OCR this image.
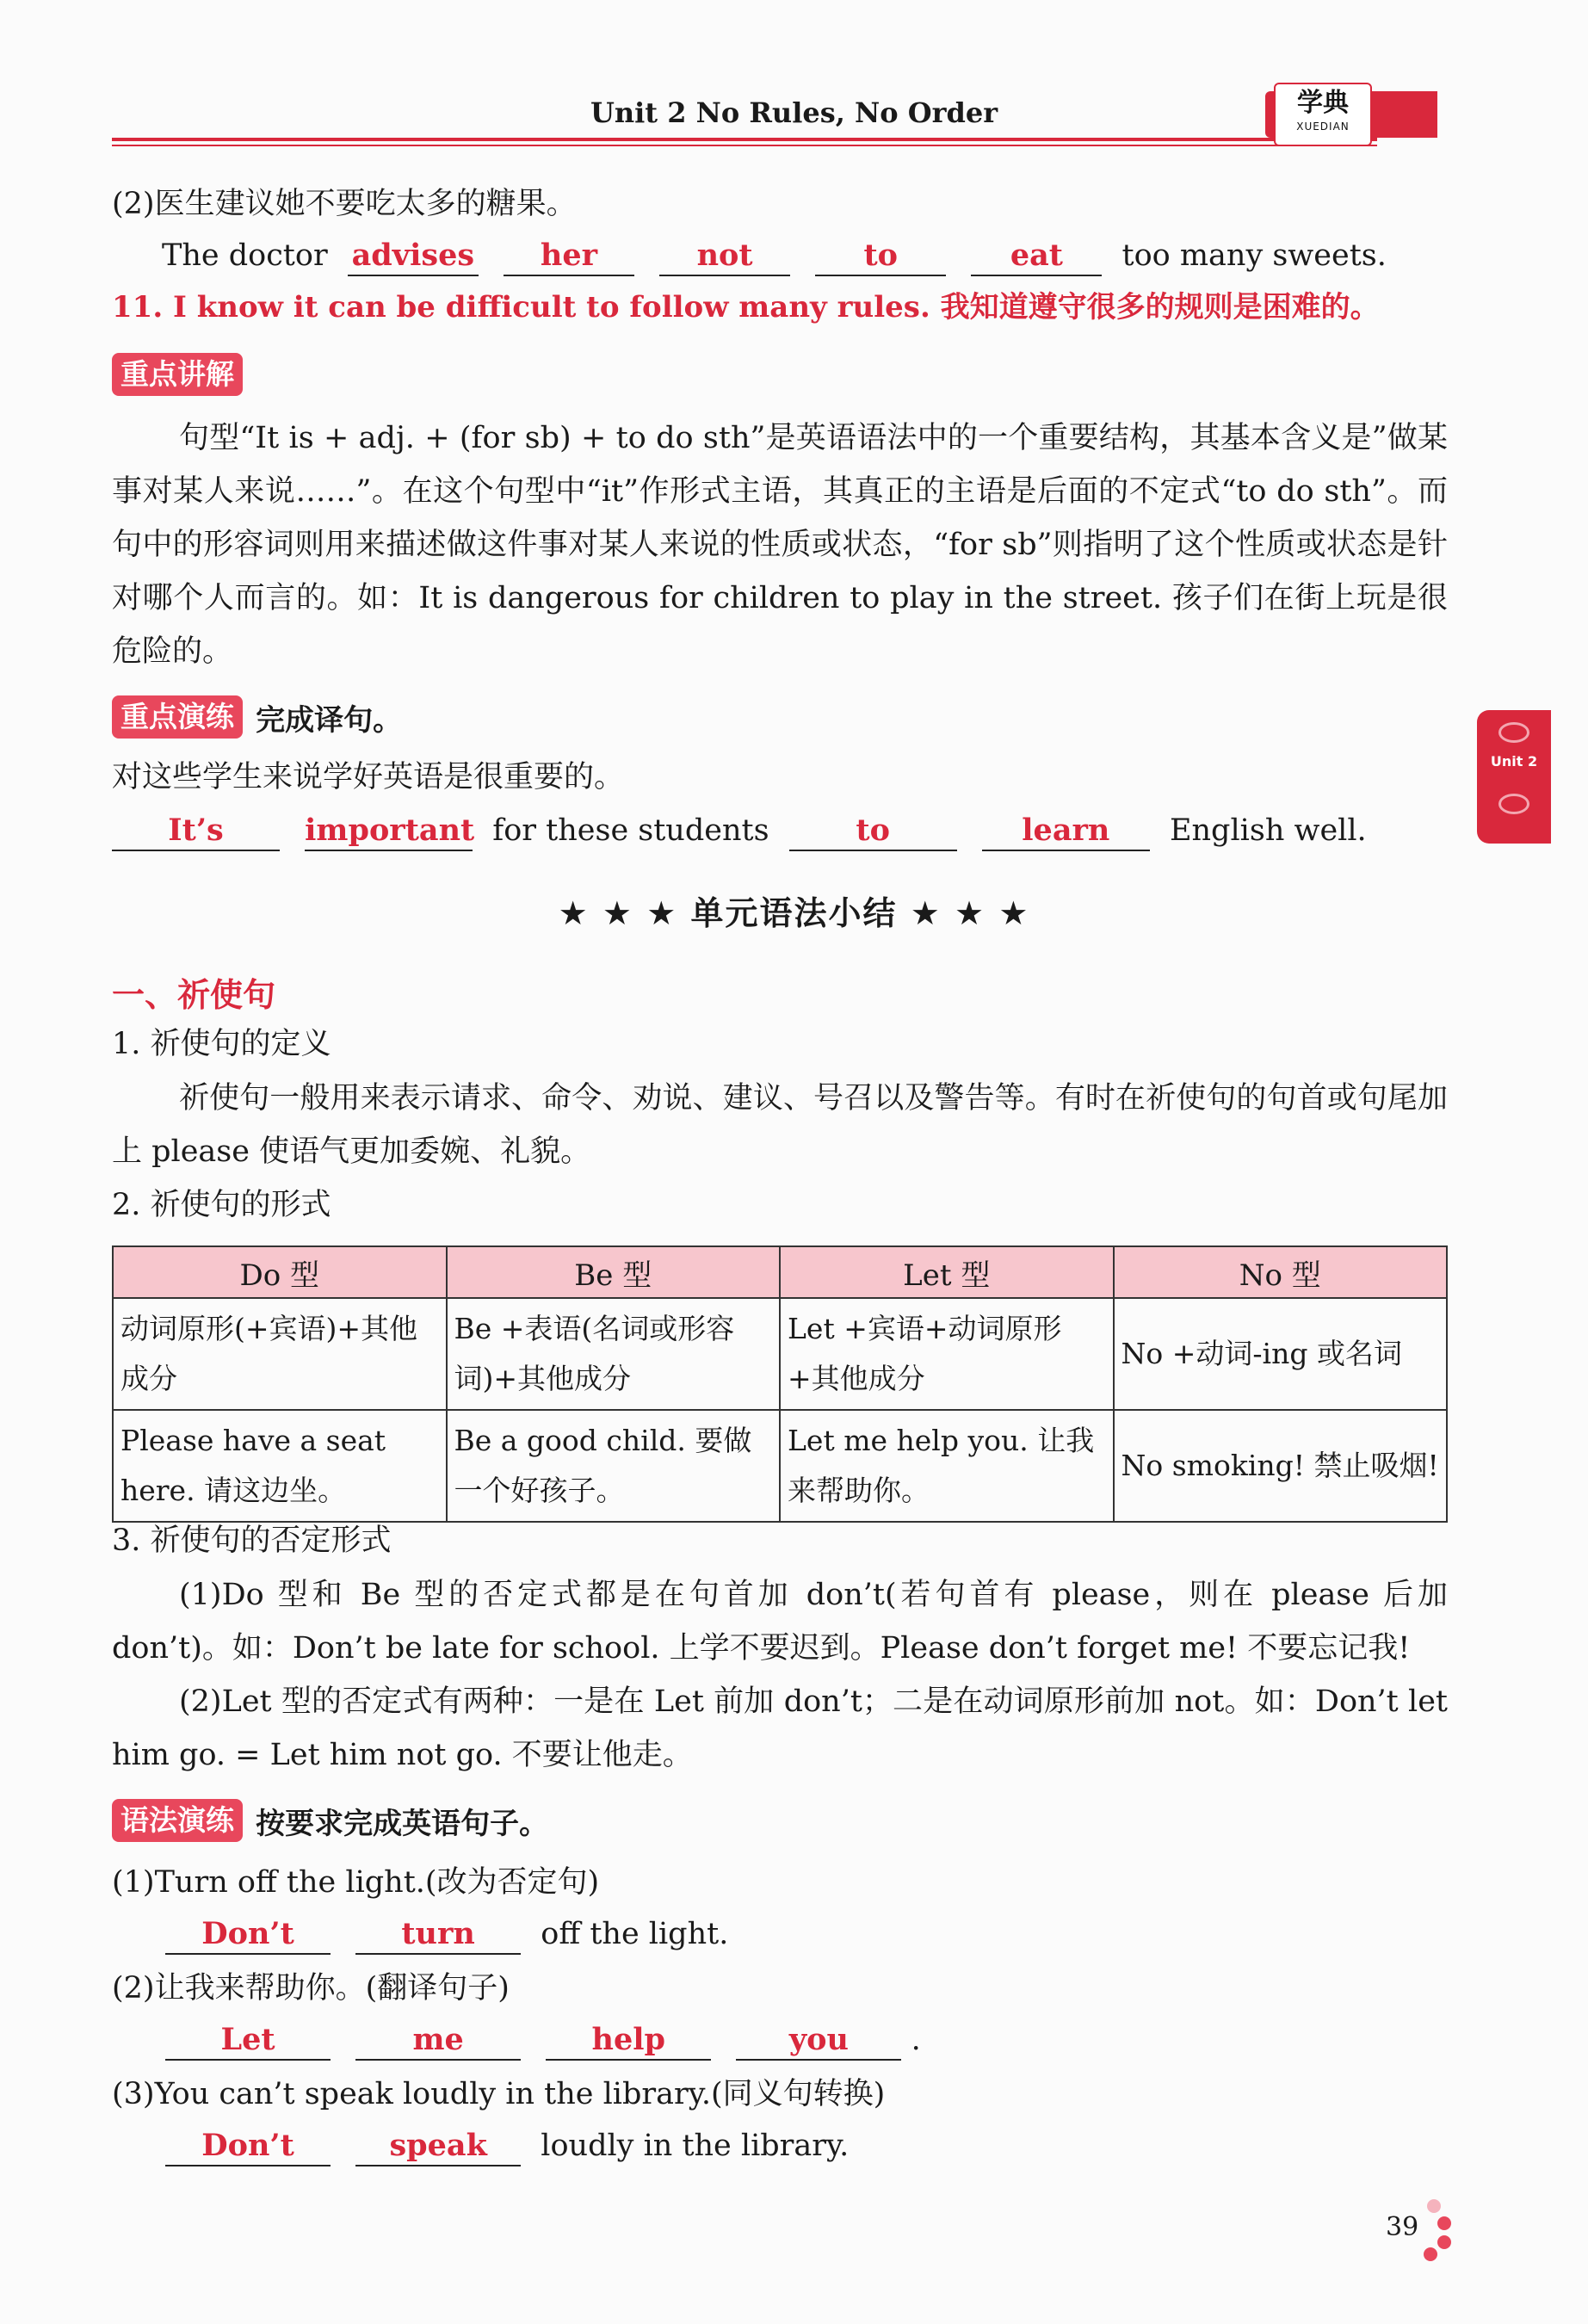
Unit 2 No Rules, No Order	学典
XUEDIAN
Unit 2
(2)医生建议她不要吃太多的糖果。
The doctor advises her	not	to	eat too many sweets.
11. I know it can be difficult to follow many rules. 我知道遵守很多的规则是困难的。
重点讲解
句型“It is + adj. + (for sb) + to do sth”是英语语法中的一个重要结构，其基本含义是”做某事对某人来说……”。在这个句型中“it”作形式主语，其真正的主语是后面的不定式“to do sth”。而句中的形容词则用来描述做这件事对某人来说的性质或状态，“for sb”则指明了这个性质或状态是针对哪个人而言的。如：It is dangerous for children to play in the street. 孩子们在街上玩是很危险的。
重点演练 完成译句。
对这些学生来说学好英语是很重要的。
It’s	important for these students	to	learn English well.
★ ★ ★ 单元语法小结 ★ ★ ★
一、祈使句
1. 祈使句的定义
祈使句一般用来表示请求、命令、劝说、建议、号召以及警告等。有时在祈使句的句首或句尾加上 please 使语气更加委婉、礼貌。
2. 祈使句的形式
Do 型	Be 型	Let 型	No 型
动词原形(+宾语)+其他成分	Be +表语(名词或形容词)+其他成分	Let +宾语+动词原形+其他成分	No +动词-ing 或名词
Please have a seat here. 请这边坐。	Be a good child. 要做一个好孩子。	Let me help you. 让我来帮助你。	No smoking! 禁止吸烟!
3. 祈使句的否定形式
(1)Do 型和 Be 型的否定式都是在句首加 don’t(若句首有 please，则在 please 后加 don’t)。如：Don’t be late for school. 上学不要迟到。Please don’t forget me! 不要忘记我!
(2)Let 型的否定式有两种：一是在 Let 前加 don’t；二是在动词原形前加 not。如：Don’t let him go. = Let him not go. 不要让他走。
语法演练 按要求完成英语句子。
(1)Turn off the light.(改为否定句)
Don’t	turn off the light.
(2)让我来帮助你。(翻译句子)
Let	me	help	you .
(3)You can’t speak loudly in the library.(同义句转换)
Don’t	speak loudly in the library.
39
